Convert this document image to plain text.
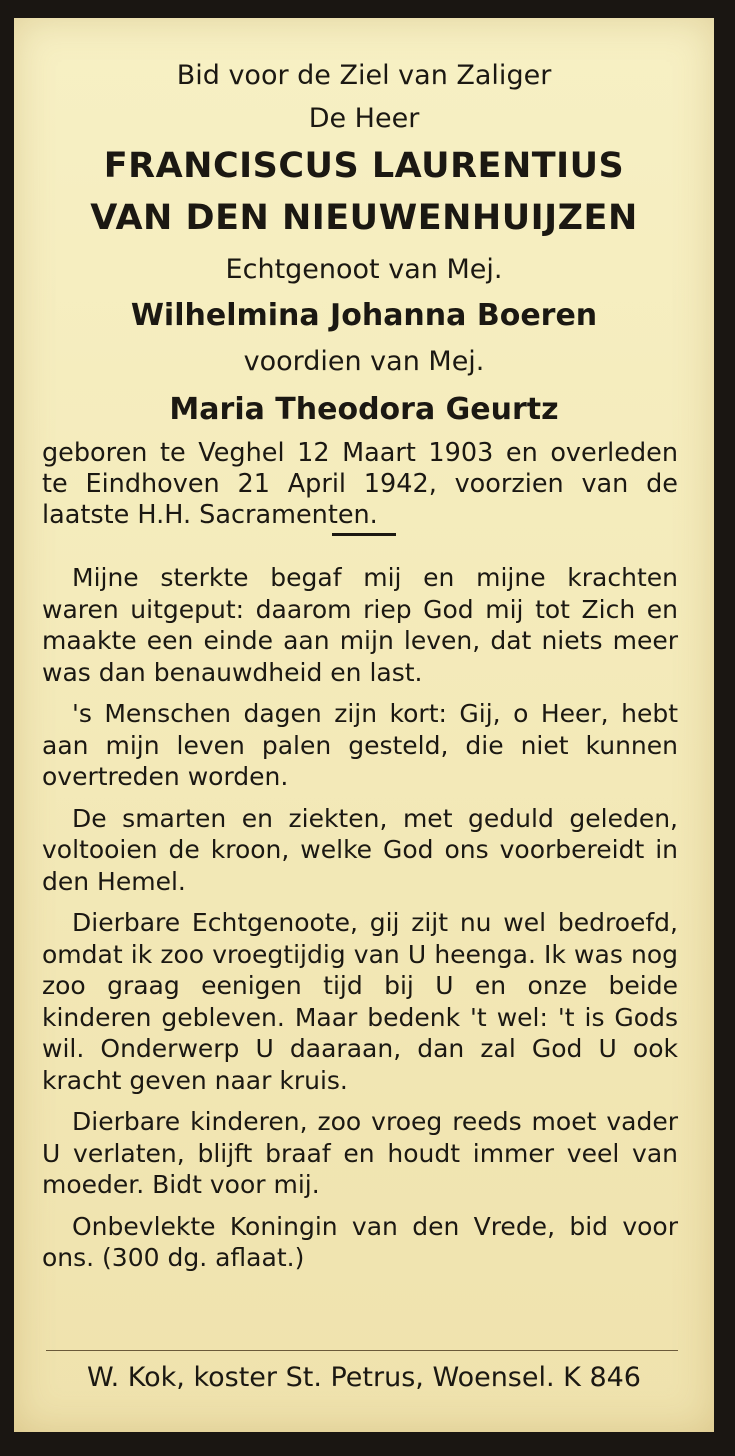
Bid voor de Ziel van Zaliger
De Heer
FRANCISCUS LAURENTIUS
VAN DEN NIEUWENHUIJZEN
Echtgenoot van Mej.
Wilhelmina Johanna Boeren
voordien van Mej.
Maria Theodora Geurtz
geboren te Veghel 12 Maart 1903 en overleden te Eindhoven 21 April 1942, voorzien van de laatste H.H. Sacramenten.

Mijne sterkte begaf mij en mijne krachten waren uitgeput: daarom riep God mij tot Zich en maakte een einde aan mijn leven, dat niets meer was dan benauwdheid en last.

's Menschen dagen zijn kort: Gij, o Heer, hebt aan mijn leven palen gesteld, die niet kunnen overtreden worden.

De smarten en ziekten, met geduld geleden, voltooien de kroon, welke God ons voorbereidt in den Hemel.

Dierbare Echtgenoote, gij zijt nu wel bedroefd, omdat ik zoo vroegtijdig van U heenga. Ik was nog zoo graag eenigen tijd bij U en onze beide kinderen gebleven. Maar bedenk 't wel: 't is Gods wil. Onderwerp U daaraan, dan zal God U ook kracht geven naar kruis.

Dierbare kinderen, zoo vroeg reeds moet vader U verlaten, blijft braaf en houdt immer veel van moeder. Bidt voor mij.

Onbevlekte Koningin van den Vrede, bid voor ons. (300 dg. aflaat.)

W. Kok, koster St. Petrus, Woensel. K 846
